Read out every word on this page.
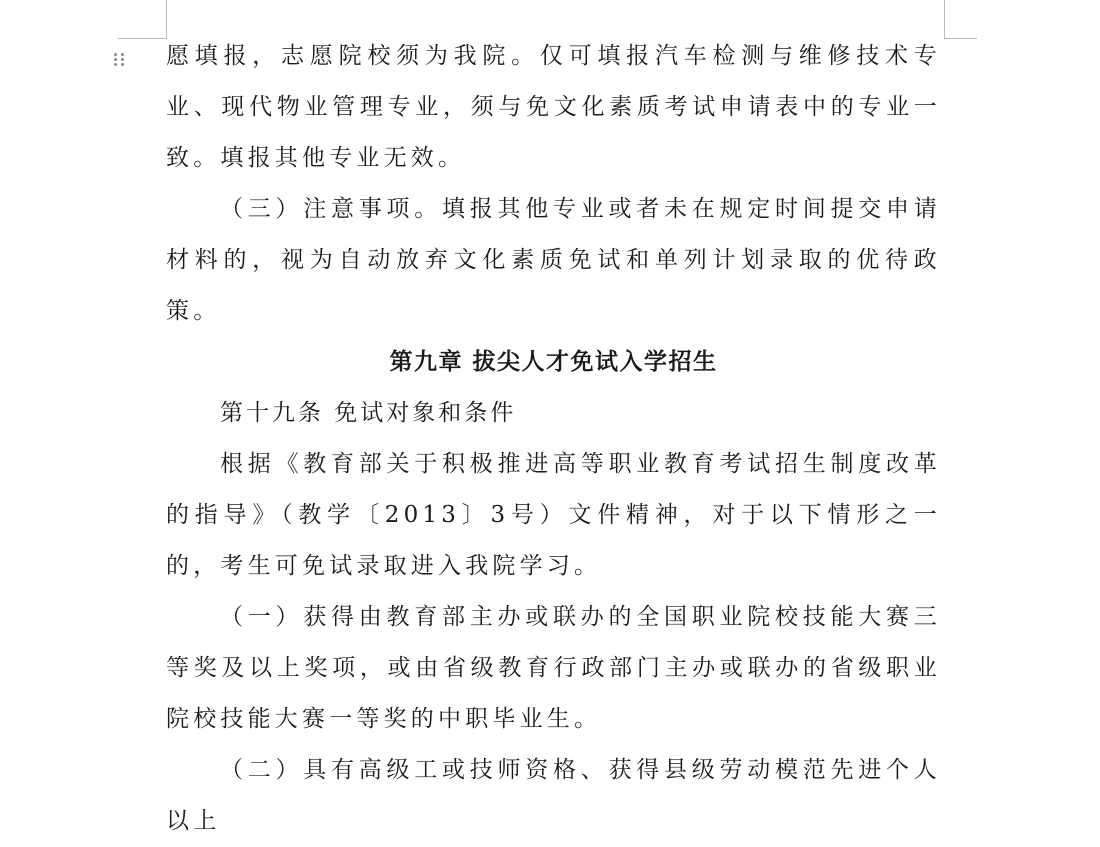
愿填报，志愿院校须为我院。仅可填报汽车检测与维修技术专业、现代物业管理专业，须与免文化素质考试申请表中的专业一致。填报其他专业无效。

（三）注意事项。填报其他专业或者未在规定时间提交申请材料的，视为自动放弃文化素质免试和单列计划录取的优待政策。

第九章 拔尖人才免试入学招生

第十九条 免试对象和条件

根据《教育部关于积极推进高等职业教育考试招生制度改革的指导》（教学〔2013〕3号）文件精神，对于以下情形之一的，考生可免试录取进入我院学习。

（一）获得由教育部主办或联办的全国职业院校技能大赛三等奖及以上奖项，或由省级教育行政部门主办或联办的省级职业院校技能大赛一等奖的中职毕业生。

（二）具有高级工或技师资格、获得县级劳动模范先进个人以上
